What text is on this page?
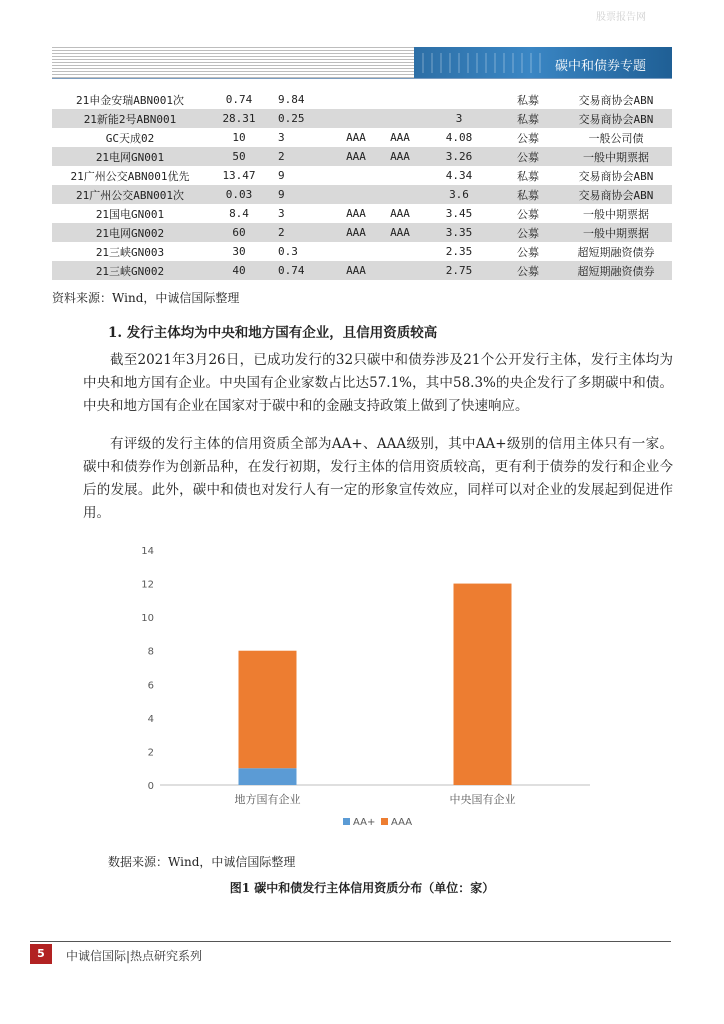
股票报告网
碳中和债券专题
21申金安瑞ABN001次	0.74	9.84				私募	交易商协会ABN
21新能2号ABN001	28.31	0.25			3	私募	交易商协会ABN
GC天成02	10	3	AAA	AAA	4.08	公募	一般公司债
21电网GN001	50	2	AAA	AAA	3.26	公募	一般中期票据
21广州公交ABN001优先	13.47	9			4.34	私募	交易商协会ABN
21广州公交ABN001次	0.03	9			3.6	私募	交易商协会ABN
21国电GN001	8.4	3	AAA	AAA	3.45	公募	一般中期票据
21电网GN002	60	2	AAA	AAA	3.35	公募	一般中期票据
21三峡GN003	30	0.3			2.35	公募	超短期融资债券
21三峡GN002	40	0.74	AAA		2.75	公募	超短期融资债券
资料来源：Wind，中诚信国际整理
1. 发行主体均为中央和地方国有企业，且信用资质较高

截至2021年3月26日，已成功发行的32只碳中和债券涉及21个公开发行主体，发行主体均为中央和地方国有企业。中央国有企业家数占比达57.1%，其中58.3%的央企发行了多期碳中和债。中央和地方国有企业在国家对于碳中和的金融支持政策上做到了快速响应。

有评级的发行主体的信用资质全部为AA+、AAA级别，其中AA+级别的信用主体只有一家。碳中和债券作为创新品种，在发行初期，发行主体的信用资质较高，更有利于债券的发行和企业今后的发展。此外，碳中和债也对发行人有一定的形象宣传效应，同样可以对企业的发展起到促进作用。

0
2
4
6
8
10
12
14
地方国有企业	中央国有企业
AA+ AAA
数据来源：Wind，中诚信国际整理
图1 碳中和债发行主体信用资质分布（单位：家）
5	中诚信国际|热点研究系列
